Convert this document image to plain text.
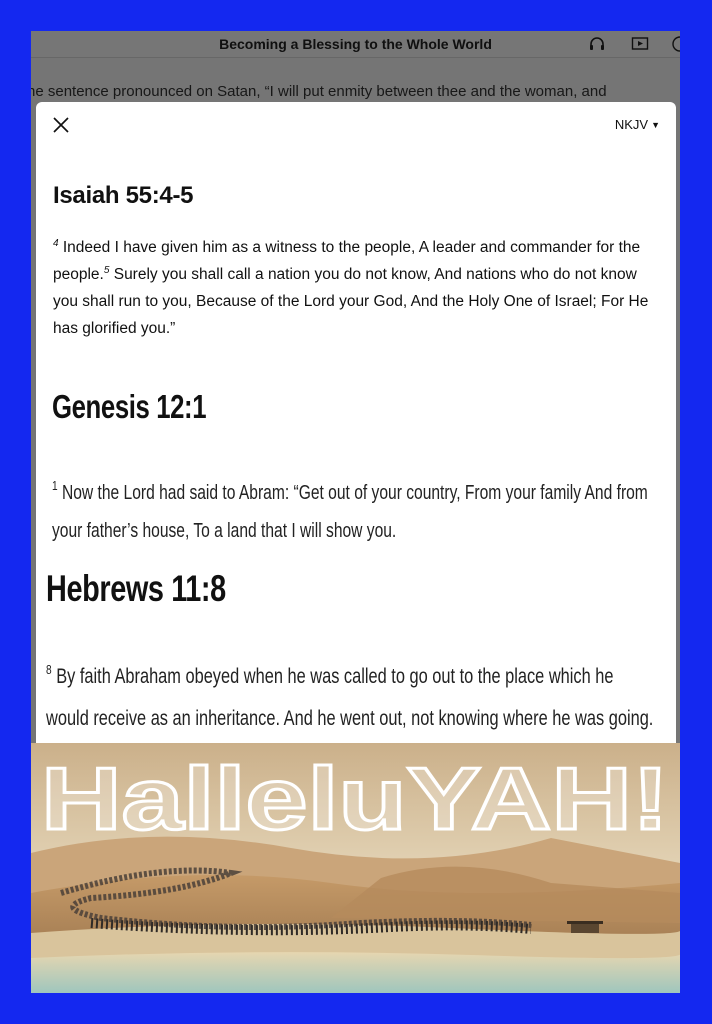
NKJV ▼
Isaiah 55:4-5
$^4$ Indeed I have given him as a witness to the people, A leader and commander for the people.$^5$ Surely you shall call a nation you do not know, And nations who do not know you shall run to you, Because of the Lord your God, And the Holy One of Israel; For He has glorified you.”
Genesis 12:1
$^1$ Now the Lord had said to Abram: “Get out of your country, From your family And from your father’s house, To a land that I will show you.
Hebrews 11:8
$^8$ By faith Abraham obeyed when he was called to go out to the place which he would receive as an inheritance. And he went out, not knowing where he was going.
HalleluYAH!
